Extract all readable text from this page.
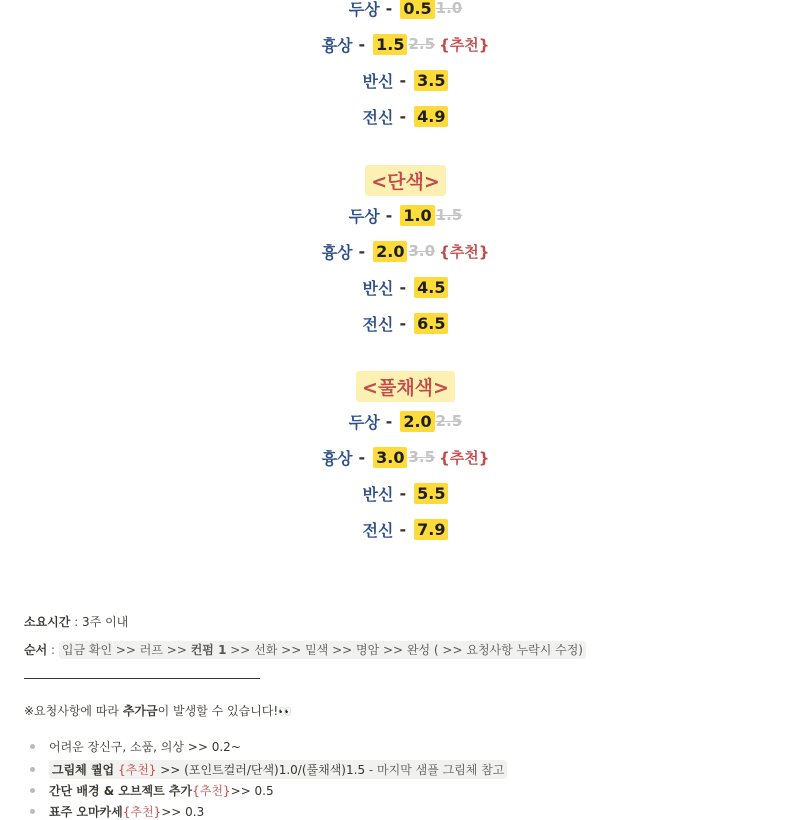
두상 - 0.5 1.0
흉상 - 1.5 2.5 {추천}
반신 - 3.5
전신 - 4.9
<단색>
두상 - 1.0 1.5
흉상 - 2.0 3.0 {추천}
반신 - 4.5
전신 - 6.5
<풀채색>
두상 - 2.0 2.5
흉상 - 3.0 3.5 {추천}
반신 - 5.5
전신 - 7.9
소요시간 : 3주 이내
순서 : 입금 확인 >> 러프 >> 컨펌 1 >> 선화 >> 밑색 >> 명암 >> 완성 ( >> 요청사항 누락시 수정)
※요청사항에 따라 추가금이 발생할 수 있습니다!👀
어려운 장신구, 소품, 의상 >> 0.2~
그림체 퀄업 {추천} >> (포인트컬러/단색)1.0/(풀채색)1.5 - 마지막 샘플 그림체 참고
간단 배경 & 오브젝트 추가 {추천} >> 0.5
표주 오마카세 {추천} >> 0.3
